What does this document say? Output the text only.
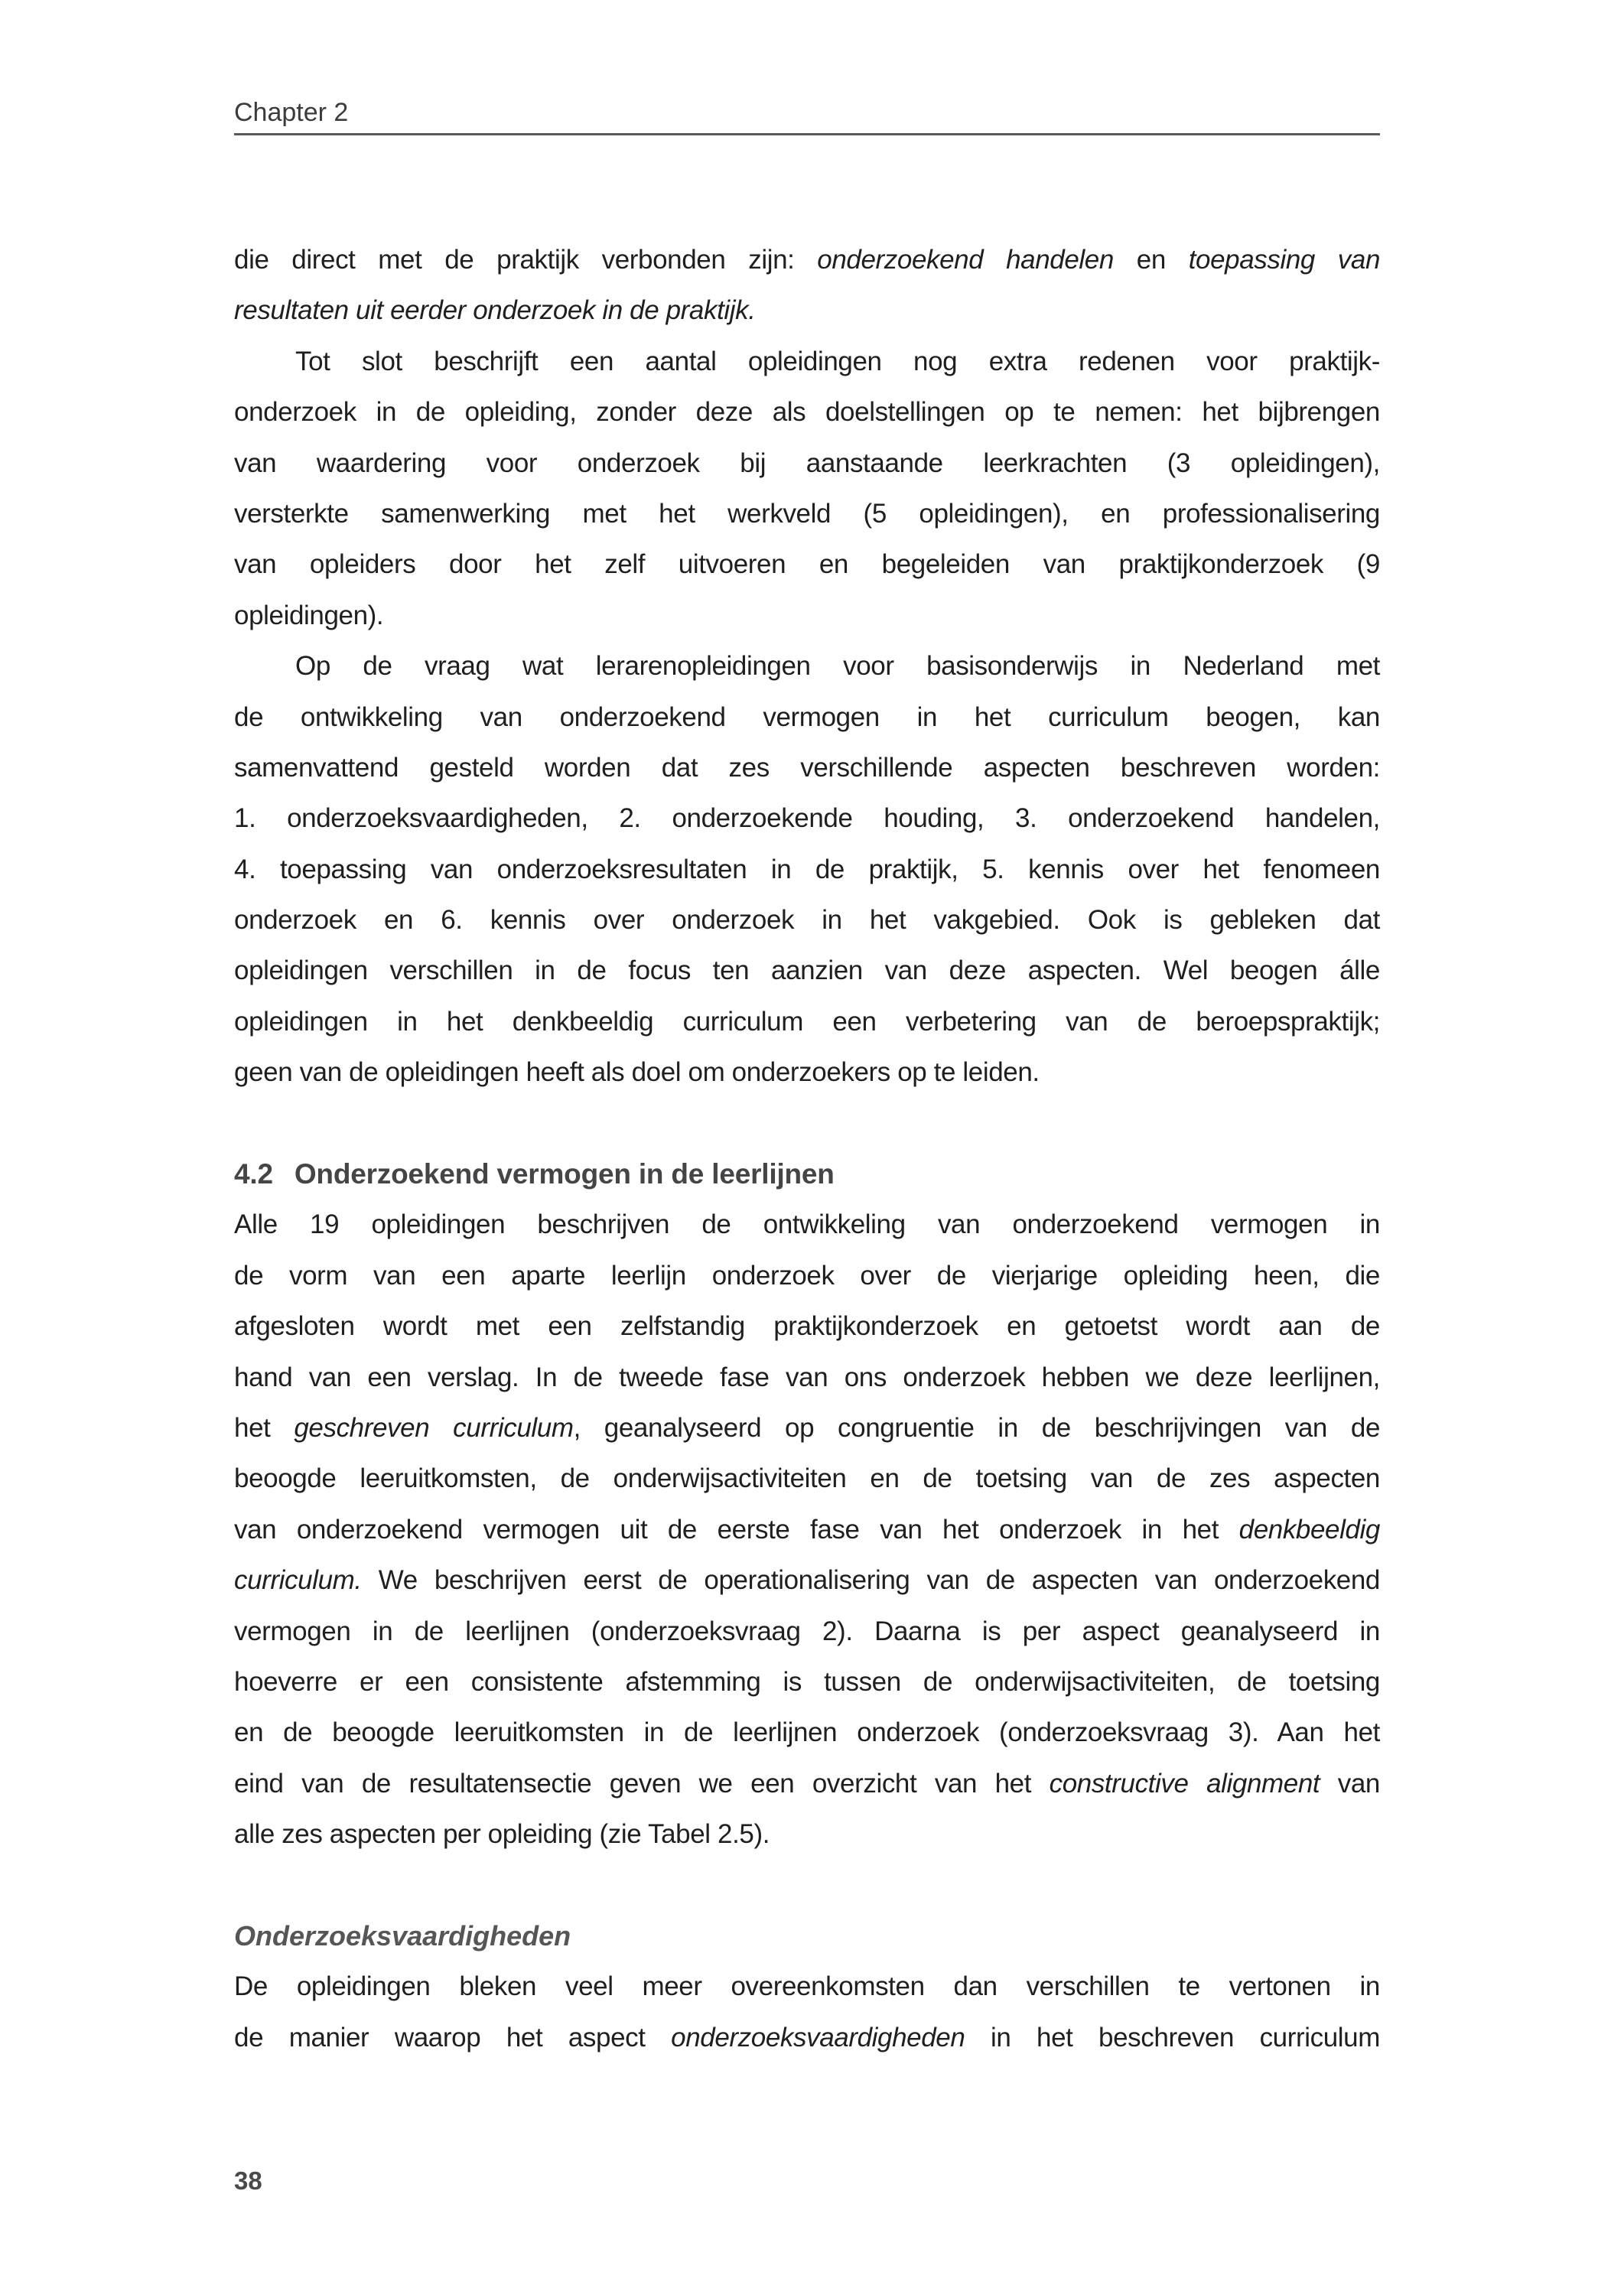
Chapter 2
die direct met de praktijk verbonden zijn: onderzoekend handelen en toepassing van
resultaten uit eerder onderzoek in de praktijk.
Tot slot beschrijft een aantal opleidingen nog extra redenen voor praktijk-
onderzoek in de opleiding, zonder deze als doelstellingen op te nemen: het bijbrengen
van waardering voor onderzoek bij aanstaande leerkrachten (3 opleidingen),
versterkte samenwerking met het werkveld (5 opleidingen), en professionalisering
van opleiders door het zelf uitvoeren en begeleiden van praktijkonderzoek (9
opleidingen).
Op de vraag wat lerarenopleidingen voor basisonderwijs in Nederland met
de ontwikkeling van onderzoekend vermogen in het curriculum beogen, kan
samenvattend gesteld worden dat zes verschillende aspecten beschreven worden:
1. onderzoeksvaardigheden, 2. onderzoekende houding, 3. onderzoekend handelen,
4. toepassing van onderzoeksresultaten in de praktijk, 5. kennis over het fenomeen
onderzoek en 6. kennis over onderzoek in het vakgebied. Ook is gebleken dat
opleidingen verschillen in de focus ten aanzien van deze aspecten. Wel beogen álle
opleidingen in het denkbeeldig curriculum een verbetering van de beroepspraktijk;
geen van de opleidingen heeft als doel om onderzoekers op te leiden.
4.2 Onderzoekend vermogen in de leerlijnen
Alle 19 opleidingen beschrijven de ontwikkeling van onderzoekend vermogen in
de vorm van een aparte leerlijn onderzoek over de vierjarige opleiding heen, die
afgesloten wordt met een zelfstandig praktijkonderzoek en getoetst wordt aan de
hand van een verslag. In de tweede fase van ons onderzoek hebben we deze leerlijnen,
het geschreven curriculum, geanalyseerd op congruentie in de beschrijvingen van de
beoogde leeruitkomsten, de onderwijsactiviteiten en de toetsing van de zes aspecten
van onderzoekend vermogen uit de eerste fase van het onderzoek in het denkbeeldig
curriculum. We beschrijven eerst de operationalisering van de aspecten van onderzoekend
vermogen in de leerlijnen (onderzoeksvraag 2). Daarna is per aspect geanalyseerd in
hoeverre er een consistente afstemming is tussen de onderwijsactiviteiten, de toetsing
en de beoogde leeruitkomsten in de leerlijnen onderzoek (onderzoeksvraag 3). Aan het
eind van de resultatensectie geven we een overzicht van het constructive alignment van
alle zes aspecten per opleiding (zie Tabel 2.5).
Onderzoeksvaardigheden
De opleidingen bleken veel meer overeenkomsten dan verschillen te vertonen in
de manier waarop het aspect onderzoeksvaardigheden in het beschreven curriculum
38
